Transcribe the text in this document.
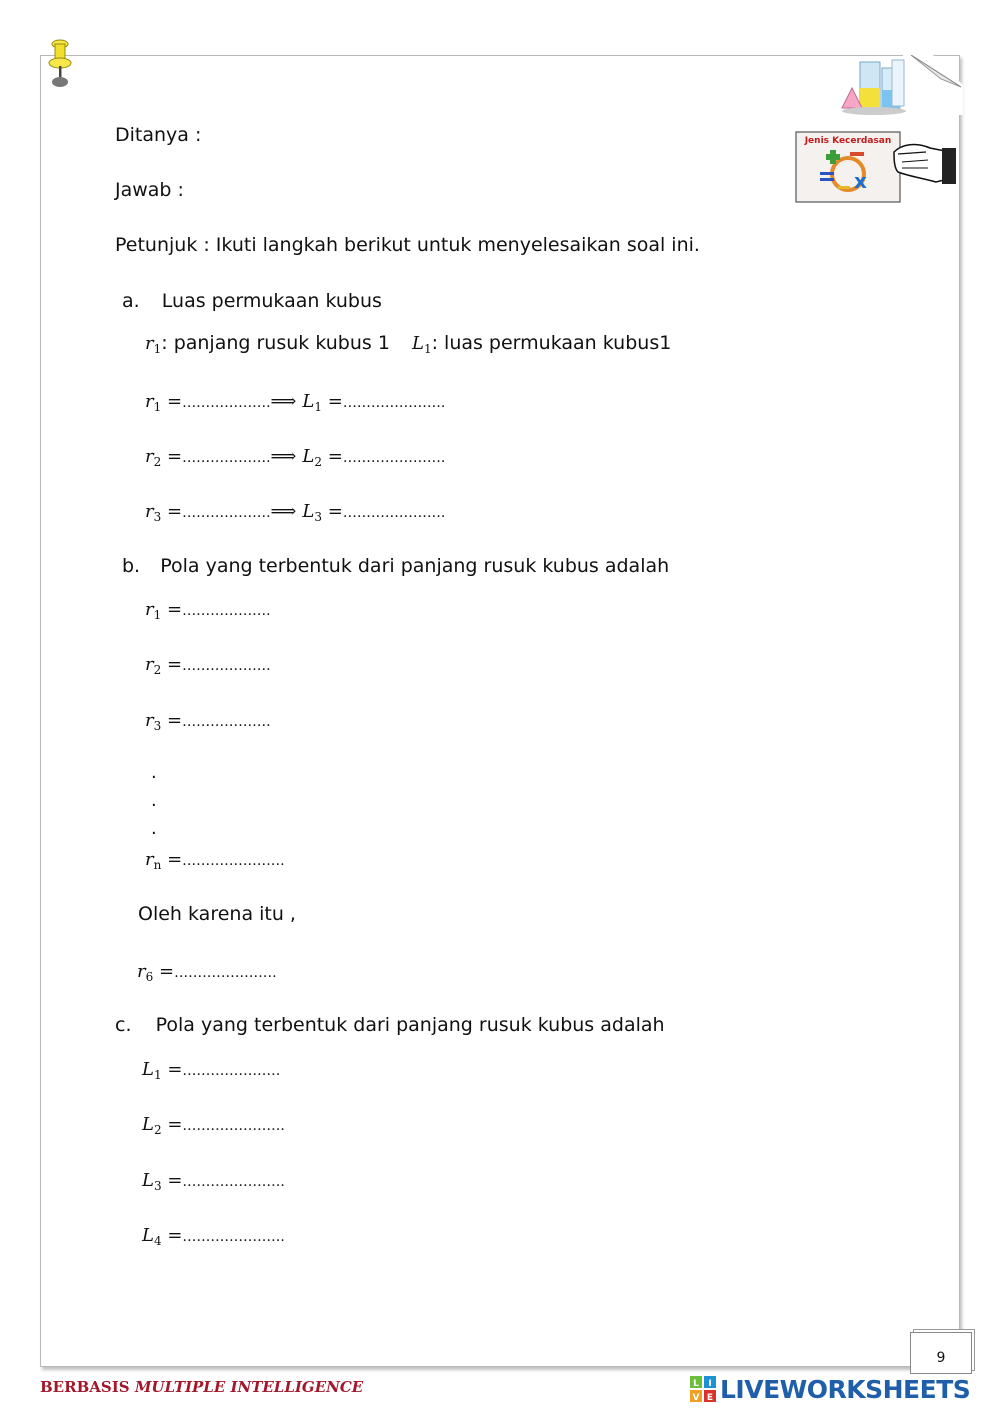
Jenis Kecerdasan
x
Ditanya :
Jawab :
Petunjuk : Ikuti langkah berikut untuk menyelesaikan soal ini.
a. Luas permukaan kubus
$r_1$: panjang rusuk kubus 1 $L_1$: luas permukaan kubus1
$r_1$ =……………….⟹ $L_1$ =………………….
$r_2$ =……………….⟹ $L_2$ =………………….
$r_3$ =……………….⟹ $L_3$ =………………….
b. Pola yang terbentuk dari panjang rusuk kubus adalah
$r_1$ =……………….
$r_2$ =……………….
$r_3$ =……………….
.
.
.
$r_n$ =………………….
Oleh karena itu ,
$r_6$ =………………….
c. Pola yang terbentuk dari panjang rusuk kubus adalah
$L_1$ =…………………
$L_2$ =………………….
$L_3$ =………………….
$L_4$ =………………….
9
BERBASIS MULTIPLE INTELLIGENCE	L I
V E LIVEWORKSHEETS
